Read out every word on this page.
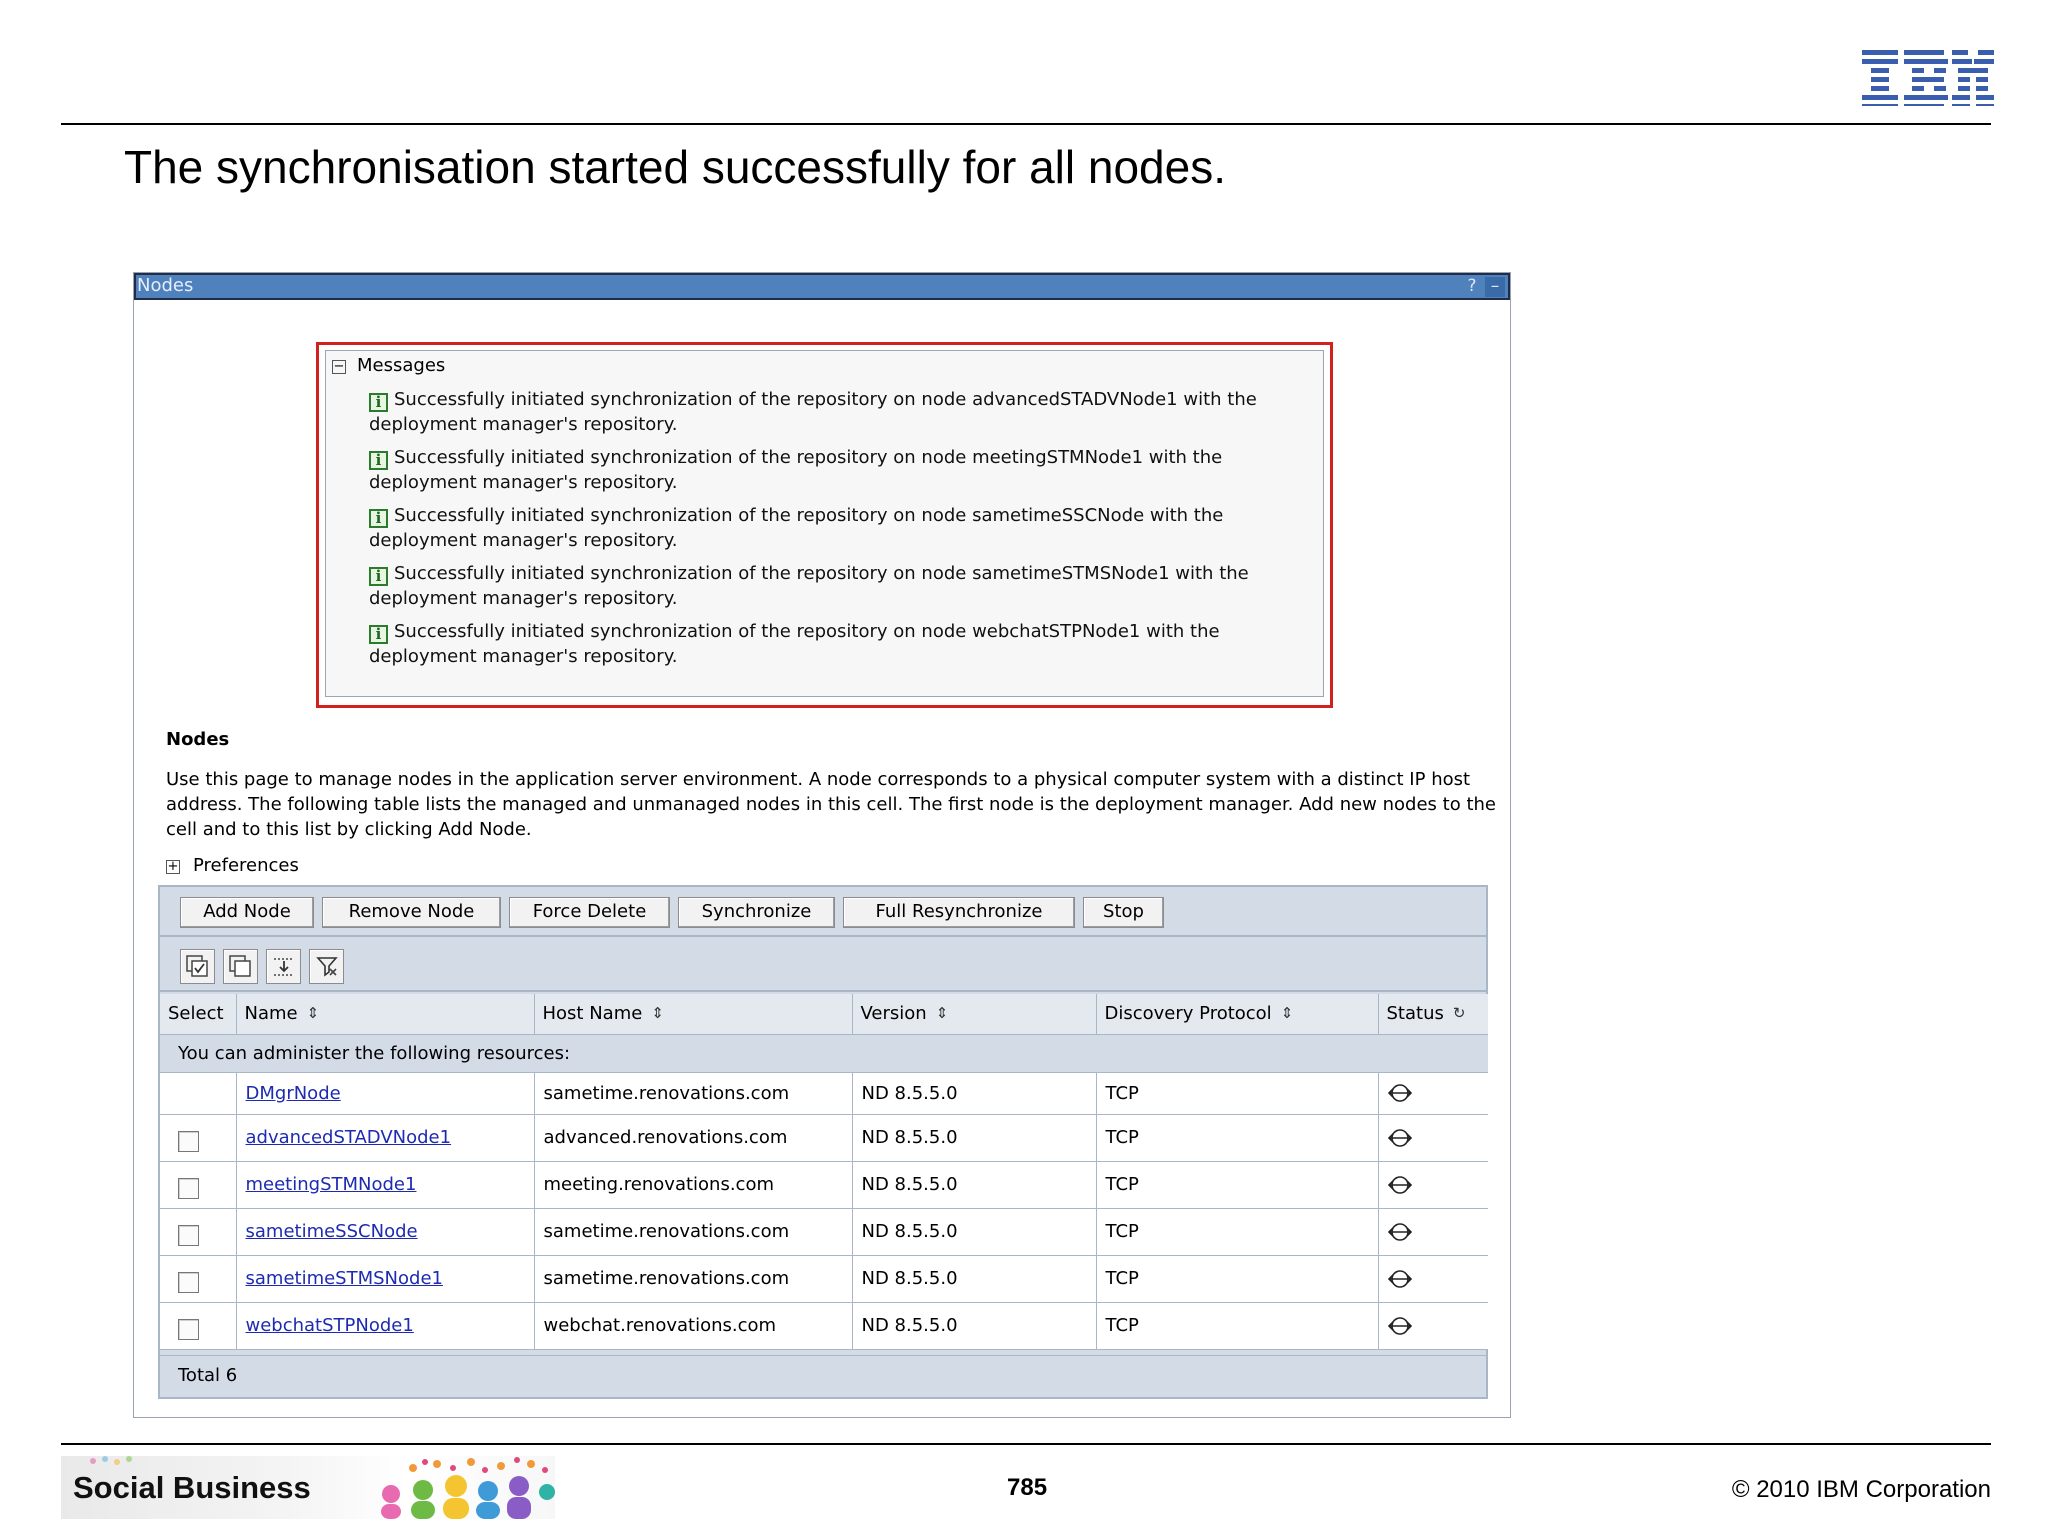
The synchronisation started successfully for all nodes.
Nodes	? –
− Messages
i Successfully initiated synchronization of the repository on node advancedSTADVNode1 with the deployment manager's repository.
i Successfully initiated synchronization of the repository on node meetingSTMNode1 with the deployment manager's repository.
i Successfully initiated synchronization of the repository on node sametimeSSCNode with the deployment manager's repository.
i Successfully initiated synchronization of the repository on node sametimeSTMSNode1 with the deployment manager's repository.
i Successfully initiated synchronization of the repository on node webchatSTPNode1 with the deployment manager's repository.
Nodes
Use this page to manage nodes in the application server environment. A node corresponds to a physical computer system with a distinct IP host address. The following table lists the managed and unmanaged nodes in this cell. The first node is the deployment manager. Add new nodes to the cell and to this list by clicking Add Node.
+ Preferences
Add Node	Remove Node	Force Delete	Synchronize	Full Resynchronize	Stop
Select	Name ⇕	Host Name ⇕	Version ⇕	Discovery Protocol ⇕	Status ↻
You can administer the following resources:					
	DMgrNode	sametime.renovations.com	ND 8.5.5.0	TCP	
	advancedSTADVNode1	advanced.renovations.com	ND 8.5.5.0	TCP	
	meetingSTMNode1	meeting.renovations.com	ND 8.5.5.0	TCP	
	sametimeSSCNode	sametime.renovations.com	ND 8.5.5.0	TCP	
	sametimeSTMSNode1	sametime.renovations.com	ND 8.5.5.0	TCP	
	webchatSTPNode1	webchat.renovations.com	ND 8.5.5.0	TCP	
Total 6
Social Business	785	© 2010 IBM Corporation
